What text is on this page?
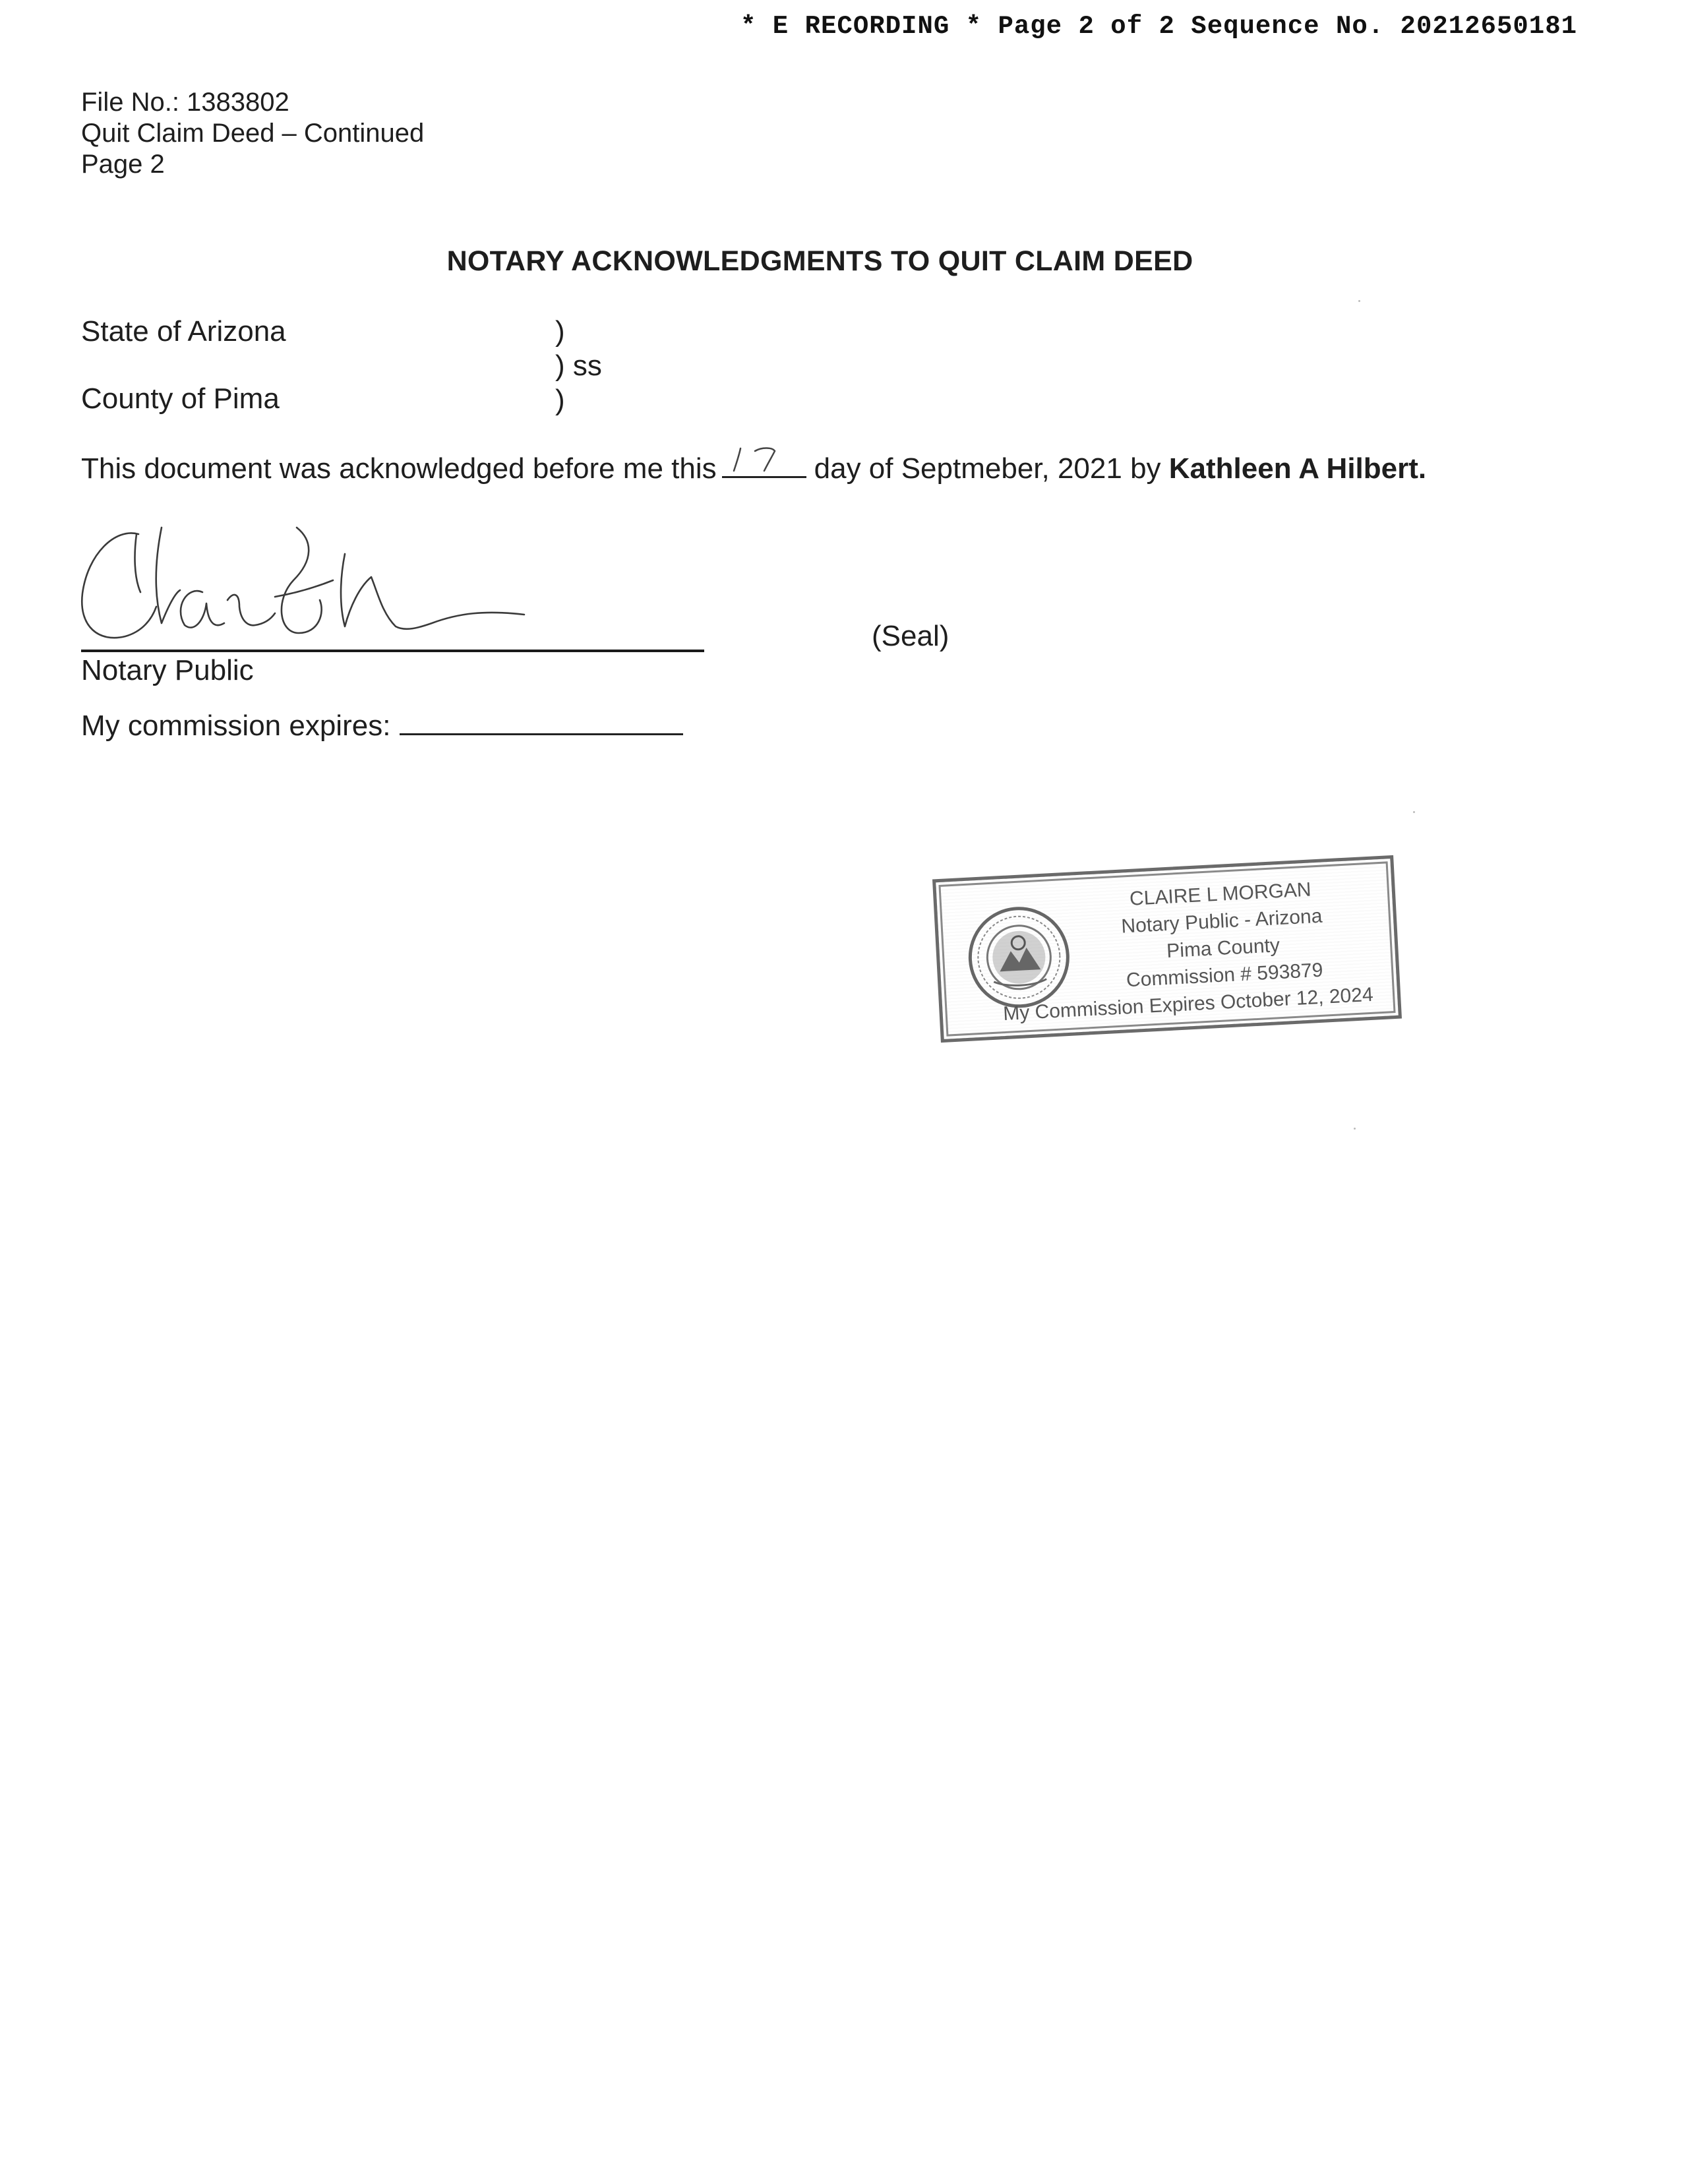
* E RECORDING * Page 2 of 2 Sequence No. 20212650181
File No.: 1383802
Quit Claim Deed – Continued
Page 2
NOTARY ACKNOWLEDGMENTS TO QUIT CLAIM DEED
State of Arizona
County of Pima
)
) ss
)
This document was acknowledged before me this	day of Septmeber, 2021 by Kathleen A Hilbert.
Notary Public
(Seal)
My commission expires:
CLAIRE L MORGAN
Notary Public - Arizona
Pima County
Commission # 593879
My Commission Expires October 12, 2024
